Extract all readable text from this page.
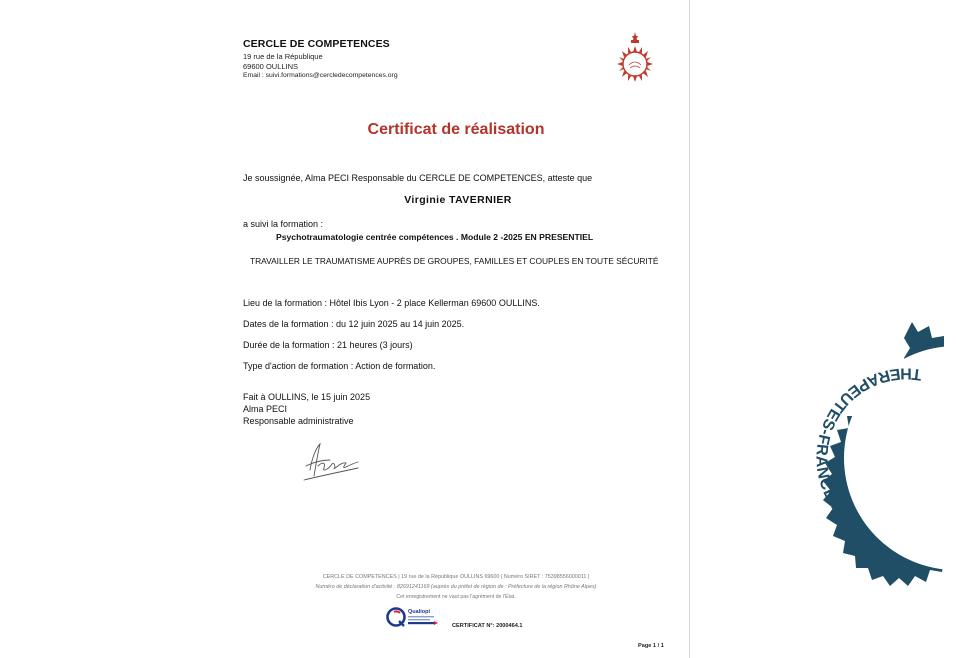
CERCLE DE COMPETENCES
19 rue de la République
69600 OULLINS
Email : suivi.formations@cercledecompetences.org
Certificat de réalisation
Je soussignée, Alma PECI Responsable du CERCLE DE COMPETENCES, atteste que
Virginie TAVERNIER
a suivi la formation :
Psychotraumatologie centrée compétences . Module 2 -2025 EN PRESENTIEL
TRAVAILLER LE TRAUMATISME AUPRÈS DE GROUPES, FAMILLES ET COUPLES EN TOUTE SÉCURITÉ
Lieu de la formation : Hôtel Ibis Lyon - 2 place Kellerman 69600 OULLINS.
Dates de la formation : du 12 juin 2025 au 14 juin 2025.
Durée de la formation : 21 heures (3 jours)
Type d'action de formation : Action de formation.
Fait à OULLINS, le 15 juin 2025
Alma PECI
Responsable administrative
CERCLE DE COMPETENCES | 19 rue de la République OULLINS 69600 | Numéro SIRET : 75398556000011 |
Numéro de déclaration d'activité : 82691241169 (auprès du préfet de région de : Préfecture de la région Rhône Alpes)
Cet enregistrement ne vaut pas l'agrément de l'État.
Qualiopi
CERTIFICAT N°: 2000464.1
Page 1 / 1
THERAPEUTES-FRANCE.FR
